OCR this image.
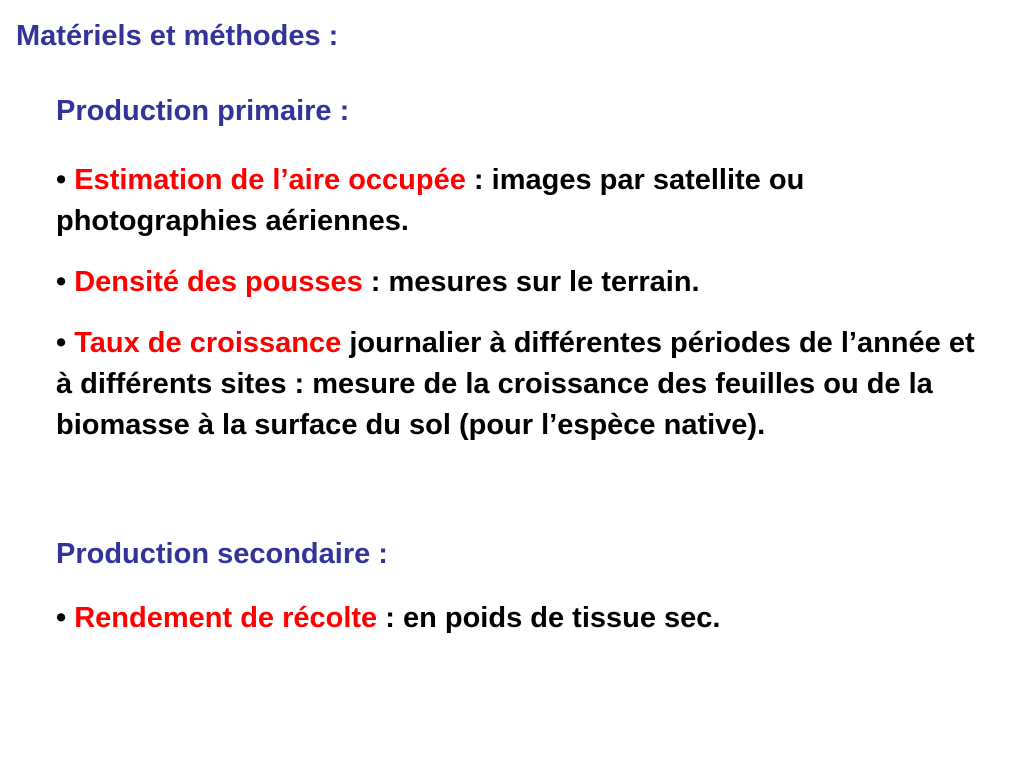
Matériels et méthodes :
Production primaire :

• Estimation de l’aire occupée : images par satellite ou photographies aériennes.

• Densité des pousses : mesures sur le terrain.

• Taux de croissance journalier à différentes périodes de l’année et à différents sites : mesure de la croissance des feuilles ou de la biomasse à la surface du sol (pour l’espèce native).

Production secondaire :

• Rendement de récolte : en poids de tissue sec.
